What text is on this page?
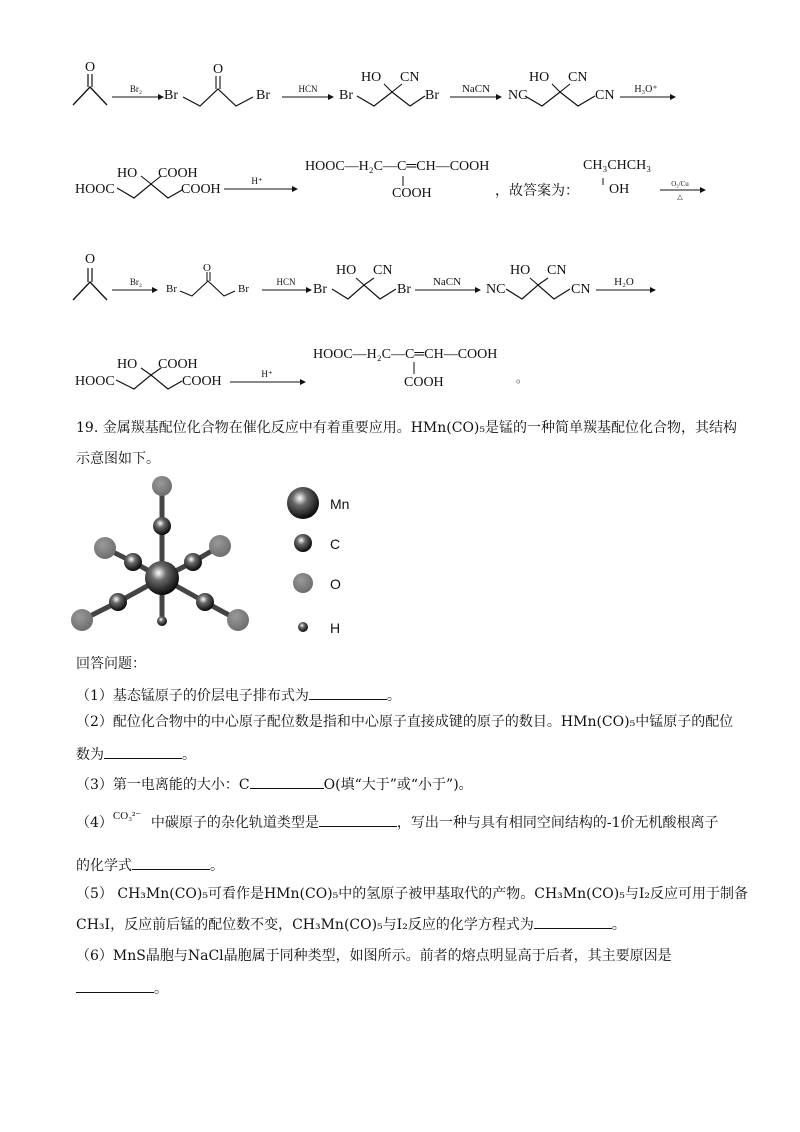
O
Br₂	Br
O
Br	HCN
HO CN
Br	Br	NaCN
HO CN
NC	CN	H₃O⁺
HO COOH
HOOC	COOH
H⁺
HOOC—H₂C—C═CH—COOH
COOH	，故答案为：
CH₃CHCH₃
OH	O₂/Cu
△
O
Br₂
Br
O
Br
HCN
HO CN
Br	Br	NaCN
HO CN
NC	CN	H₂O
HO COOH
HOOC	COOH	H⁺
HOOC—H₂C—C═CH—COOH
COOH	。
19. 金属羰基配位化合物在催化反应中有着重要应用。HMn(CO)₅是锰的一种简单羰基配位化合物，其结构
示意图如下。
Mn
C
O
H
回答问题：
（1）基态锰原子的价层电子排布式为	。
（2）配位化合物中的中心原子配位数是指和中心原子直接成键的原子的数目。HMn(CO)₅中锰原子的配位
数为	。
（3）第一电离能的大小：C	O(填“大于”或“小于”)。
（4）CO₃²⁻ 中碳原子的杂化轨道类型是	，写出一种与具有相同空间结构的-1价无机酸根离子
的化学式	。
（5） CH₃Mn(CO)₅可看作是HMn(CO)₅中的氢原子被甲基取代的产物。CH₃Mn(CO)₅与I₂反应可用于制备
CH₃I，反应前后锰的配位数不变，CH₃Mn(CO)₅与I₂反应的化学方程式为	。
（6）MnS晶胞与NaCl晶胞属于同种类型，如图所示。前者的熔点明显高于后者，其主要原因是
。
